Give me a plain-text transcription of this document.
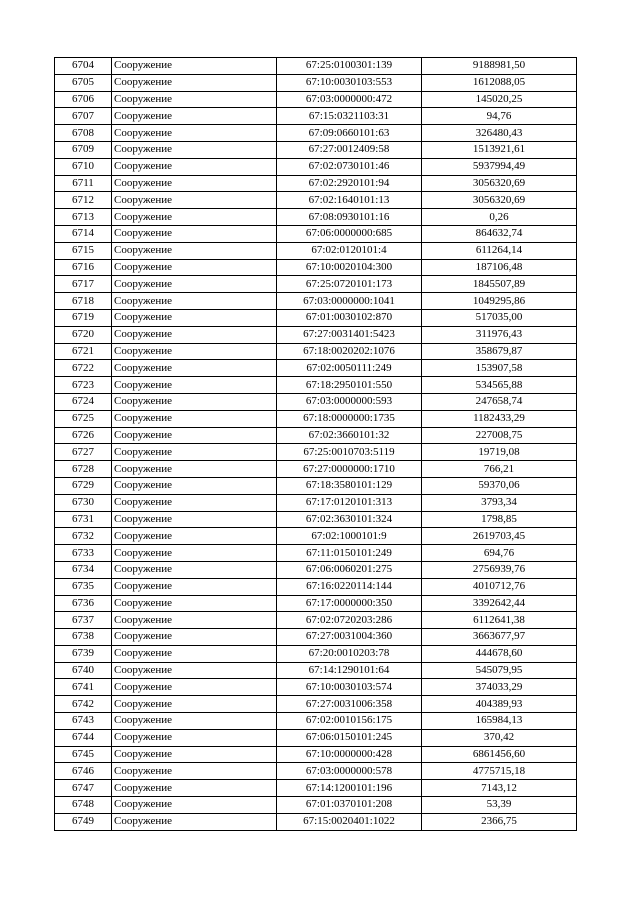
6704	Сооружение	67:25:0100301:139	9188981,50
6705	Сооружение	67:10:0030103:553	1612088,05
6706	Сооружение	67:03:0000000:472	145020,25
6707	Сооружение	67:15:0321103:31	94,76
6708	Сооружение	67:09:0660101:63	326480,43
6709	Сооружение	67:27:0012409:58	1513921,61
6710	Сооружение	67:02:0730101:46	5937994,49
6711	Сооружение	67:02:2920101:94	3056320,69
6712	Сооружение	67:02:1640101:13	3056320,69
6713	Сооружение	67:08:0930101:16	0,26
6714	Сооружение	67:06:0000000:685	864632,74
6715	Сооружение	67:02:0120101:4	611264,14
6716	Сооружение	67:10:0020104:300	187106,48
6717	Сооружение	67:25:0720101:173	1845507,89
6718	Сооружение	67:03:0000000:1041	1049295,86
6719	Сооружение	67:01:0030102:870	517035,00
6720	Сооружение	67:27:0031401:5423	311976,43
6721	Сооружение	67:18:0020202:1076	358679,87
6722	Сооружение	67:02:0050111:249	153907,58
6723	Сооружение	67:18:2950101:550	534565,88
6724	Сооружение	67:03:0000000:593	247658,74
6725	Сооружение	67:18:0000000:1735	1182433,29
6726	Сооружение	67:02:3660101:32	227008,75
6727	Сооружение	67:25:0010703:5119	19719,08
6728	Сооружение	67:27:0000000:1710	766,21
6729	Сооружение	67:18:3580101:129	59370,06
6730	Сооружение	67:17:0120101:313	3793,34
6731	Сооружение	67:02:3630101:324	1798,85
6732	Сооружение	67:02:1000101:9	2619703,45
6733	Сооружение	67:11:0150101:249	694,76
6734	Сооружение	67:06:0060201:275	2756939,76
6735	Сооружение	67:16:0220114:144	4010712,76
6736	Сооружение	67:17:0000000:350	3392642,44
6737	Сооружение	67:02:0720203:286	6112641,38
6738	Сооружение	67:27:0031004:360	3663677,97
6739	Сооружение	67:20:0010203:78	444678,60
6740	Сооружение	67:14:1290101:64	545079,95
6741	Сооружение	67:10:0030103:574	374033,29
6742	Сооружение	67:27:0031006:358	404389,93
6743	Сооружение	67:02:0010156:175	165984,13
6744	Сооружение	67:06:0150101:245	370,42
6745	Сооружение	67:10:0000000:428	6861456,60
6746	Сооружение	67:03:0000000:578	4775715,18
6747	Сооружение	67:14:1200101:196	7143,12
6748	Сооружение	67:01:0370101:208	53,39
6749	Сооружение	67:15:0020401:1022	2366,75
